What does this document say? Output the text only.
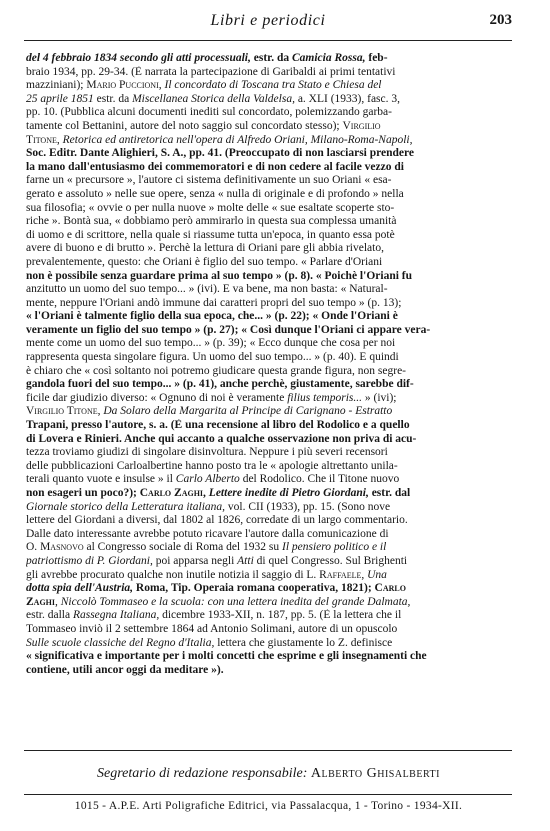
Libri e periodici	203
del 4 febbraio 1834 secondo gli atti processuali, estr. da Camicia Rossa, feb-
braio 1934, pp. 29-34. (È narrata la partecipazione di Garibaldi ai primi tentativi
mazziniani); Mario Puccioni, Il concordato di Toscana tra Stato e Chiesa del
25 aprile 1851 estr. da Miscellanea Storica della Valdelsa, a. XLI (1933), fasc. 3,
pp. 10. (Pubblica alcuni documenti inediti sul concordato, polemizzando garba-
tamente col Bettanini, autore del noto saggio sul concordato stesso); Virgilio
Titone, Retorica ed antiretorica nell'opera di Alfredo Oriani, Milano-Roma-Napoli,
Soc. Editr. Dante Alighieri, S. A., pp. 41. (Preoccupato di non lasciarsi prendere
la mano dall'entusiasmo dei commemoratori e di non cedere al facile vezzo di
farne un « precursore », l'autore ci sistema definitivamente un suo Oriani « esa-
gerato e assoluto » nelle sue opere, senza « nulla di originale e di profondo » nella
sua filosofia; « ovvie o per nulla nuove » molte delle « sue esaltate scoperte sto-
riche ». Bontà sua, « dobbiamo però ammirarlo in questa sua complessa umanità
di uomo e di scrittore, nella quale si riassume tutta un'epoca, in quanto essa potè
avere di buono e di brutto ». Perchè la lettura di Oriani pare gli abbia rivelato,
prevalentemente, questo: che Oriani è figlio del suo tempo. « Parlare d'Oriani
non è possibile senza guardare prima al suo tempo » (p. 8). « Poichè l'Oriani fu
anzitutto un uomo del suo tempo... » (ivi). E va bene, ma non basta: « Natural-
mente, neppure l'Oriani andò immune dai caratteri propri del suo tempo » (p. 13);
« l'Oriani è talmente figlio della sua epoca, che... » (p. 22); « Onde l'Oriani è
veramente un figlio del suo tempo » (p. 27); « Così dunque l'Oriani ci appare vera-
mente come un uomo del suo tempo... » (p. 39); « Ecco dunque che cosa per noi
rappresenta questa singolare figura. Un uomo del suo tempo... » (p. 40). E quindi
è chiaro che « così soltanto noi potremo giudicare questa grande figura, non segre-
gandola fuori del suo tempo... » (p. 41), anche perchè, giustamente, sarebbe dif-
ficile dar giudizio diverso: « Ognuno di noi è veramente filius temporis... » (ivi);
Virgilio Titone, Da Solaro della Margarita al Principe di Carignano - Estratto
Trapani, presso l'autore, s. a. (È una recensione al libro del Rodolico e a quello
di Lovera e Rinieri. Anche qui accanto a qualche osservazione non priva di acu-
tezza troviamo giudizi di singolare disinvoltura. Neppure i più severi recensori
delle pubblicazioni Carloalbertine hanno posto tra le « apologie altrettanto unila-
terali quanto vuote e insulse » il Carlo Alberto del Rodolico. Che il Titone nuovo
non esageri un poco?); Carlo Zaghi, Lettere inedite di Pietro Giordani, estr. dal
Giornale storico della Letteratura italiana, vol. CII (1933), pp. 15. (Sono nove
lettere del Giordani a diversi, dal 1802 al 1826, corredate di un largo commentario.
Dalle dato interessante avrebbe potuto ricavare l'autore dalla comunicazione di
O. Masnovo al Congresso sociale di Roma del 1932 su Il pensiero politico e il
patriottismo di P. Giordani, poi apparsa negli Atti di quel Congresso. Sul Brighenti
gli avrebbe procurato qualche non inutile notizia il saggio di L. Raffaele, Una
dotta spia dell'Austria, Roma, Tip. Operaia romana cooperativa, 1821); Carlo
Zaghi, Niccolò Tommaseo e la scuola: con una lettera inedita del grande Dalmata,
estr. dalla Rassegna Italiana, dicembre 1933-XII, n. 187, pp. 5. (È la lettera che il
Tommaseo inviò il 2 settembre 1864 ad Antonio Solimani, autore di un opuscolo
Sulle scuole classiche del Regno d'Italia, lettera che giustamente lo Z. definisce
« significativa e importante per i molti concetti che esprime e gli insegnamenti che
contiene, utili ancor oggi da meditare »).
Segretario di redazione responsabile: Alberto Ghisalberti
1015 - A.P.E. Arti Poligrafiche Editrici, via Passalacqua, 1 - Torino - 1934-XII.
